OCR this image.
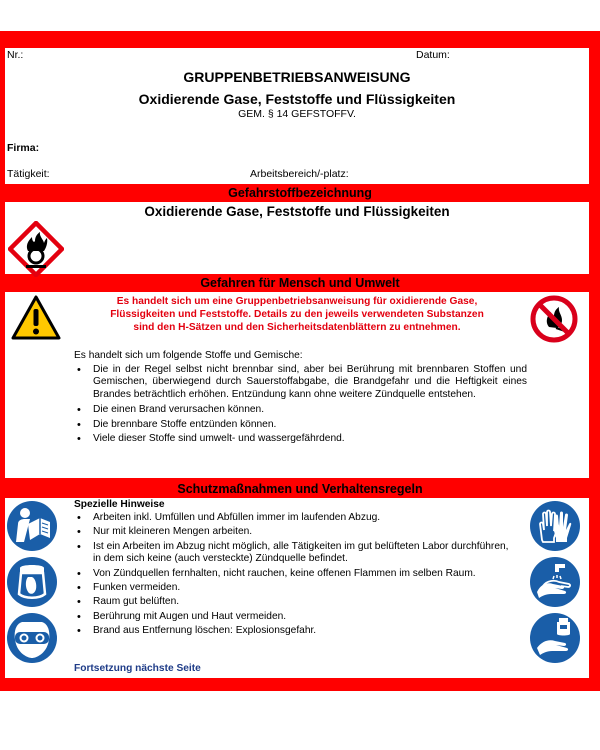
Nr.:	Datum:
GRUPPENBETRIEBSANWEISUNG
Oxidierende Gase, Feststoffe und Flüssigkeiten
GEM. § 14 GEFSTOFFV.
Firma:
Tätigkeit:	Arbeitsbereich/-platz:
Gefahrstoffbezeichnung
Oxidierende Gase, Feststoffe und Flüssigkeiten
Gefahren für Mensch und Umwelt
Es handelt sich um eine Gruppenbetriebsanweisung für oxidierende Gase,
Flüssigkeiten und Feststoffe. Details zu den jeweils verwendeten Substanzen
sind den H-Sätzen und den Sicherheitsdatenblättern zu entnehmen.
Es handelt sich um folgende Stoffe und Gemische:
• Die in der Regel selbst nicht brennbar sind, aber bei Berührung mit brennbaren Stoffen und Gemischen, überwiegend durch Sauerstoffabgabe, die Brandgefahr und die Heftigkeit eines Brandes beträchtlich erhöhen. Entzündung kann ohne weitere Zündquelle entstehen.
• Die einen Brand verursachen können.
• Die brennbare Stoffe entzünden können.
• Viele dieser Stoffe sind umwelt- und wassergefährdend.
Schutzmaßnahmen und Verhaltensregeln
Spezielle Hinweise
• Arbeiten inkl. Umfüllen und Abfüllen immer im laufenden Abzug.
• Nur mit kleineren Mengen arbeiten.
• Ist ein Arbeiten im Abzug nicht möglich, alle Tätigkeiten im gut belüfteten Labor durchführen, in dem sich keine (auch versteckte) Zündquelle befindet.
• Von Zündquellen fernhalten, nicht rauchen, keine offenen Flammen im selben Raum.
• Funken vermeiden.
• Raum gut belüften.
• Berührung mit Augen und Haut vermeiden.
• Brand aus Entfernung löschen: Explosionsgefahr.
Fortsetzung nächste Seite
